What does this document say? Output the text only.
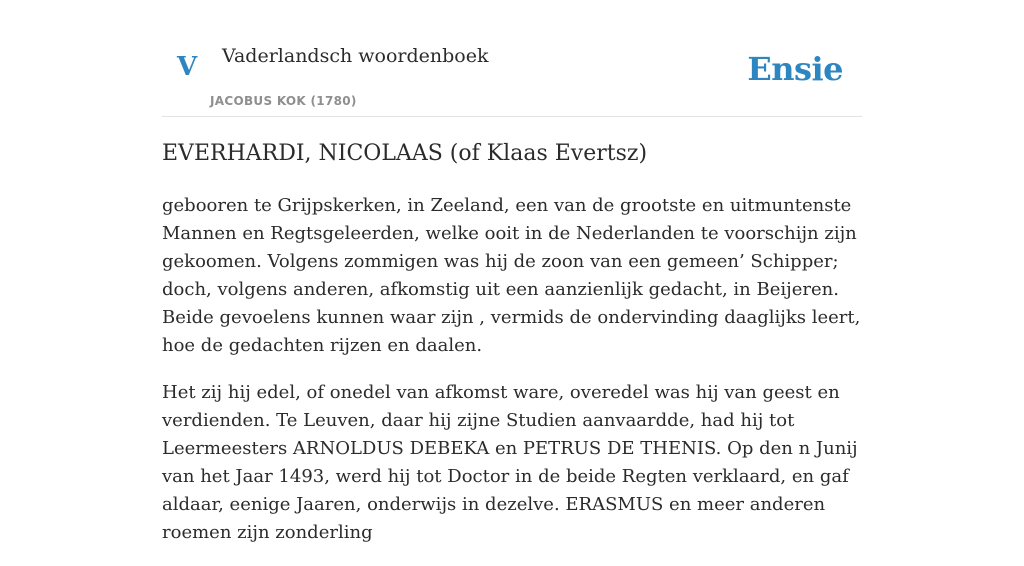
V Vaderlandsch woordenboek
JACOBUS KOK (1780)
Ensie
EVERHARDI, NICOLAAS (of Klaas Evertsz)

gebooren te Grijpskerken, in Zeeland, een van de grootste en uitmuntenste Mannen en Regtsgeleerden, welke ooit in de Nederlanden te voorschijn zijn gekoomen. Volgens zommigen was hij de zoon van een gemeen’ Schipper; doch, volgens anderen, afkomstig uit een aanzienlijk gedacht, in Beijeren. Beide gevoelens kunnen waar zijn , vermids de ondervinding daaglijks leert, hoe de gedachten rijzen en daalen.

Het zij hij edel, of onedel van afkomst ware, overedel was hij van geest en verdienden. Te Leuven, daar hij zijne Studien aanvaardde, had hij tot Leermeesters ARNOLDUS DEBEKA en PETRUS DE THENIS. Op den n Junij van het Jaar 1493, werd hij tot Doctor in de beide Regten verklaard, en gaf aldaar, eenige Jaaren, onderwijs in dezelve. ERASMUS en meer anderen roemen zijn zonderling
